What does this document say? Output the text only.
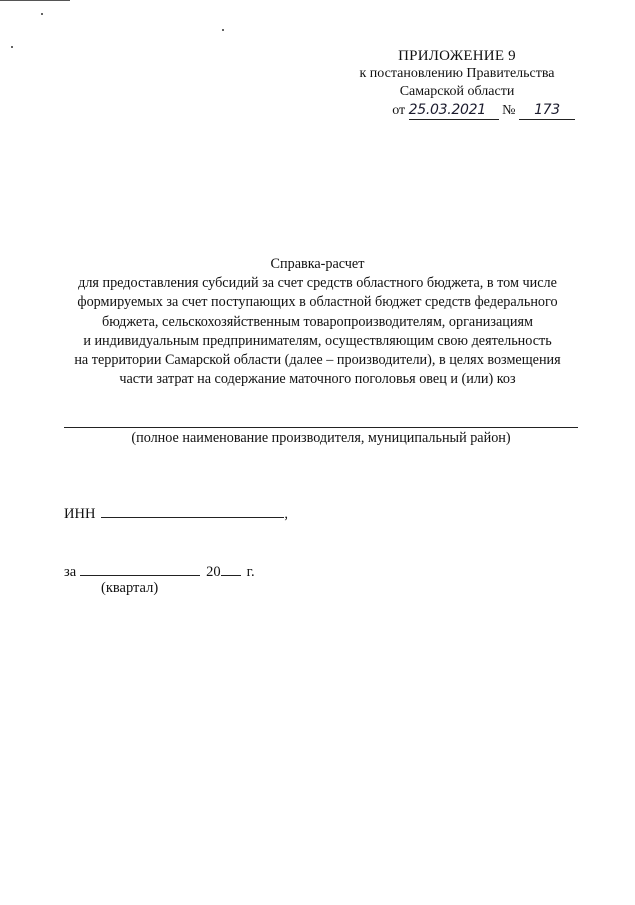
ПРИЛОЖЕНИЕ 9
к постановлению Правительства
Самарской области
от 25.03.2021 № 173
Справка-расчет
для предоставления субсидий за счет средств областного бюджета, в том числе
формируемых за счет поступающих в областной бюджет средств федерального
бюджета, сельскохозяйственным товаропроизводителям, организациям
и индивидуальным предпринимателям, осуществляющим свою деятельность
на территории Самарской области (далее – производители), в целях возмещения
части затрат на содержание маточного поголовья овец и (или) коз
(полное наименование производителя, муниципальный район)
ИНН	,
за	20 г.
(квартал)
